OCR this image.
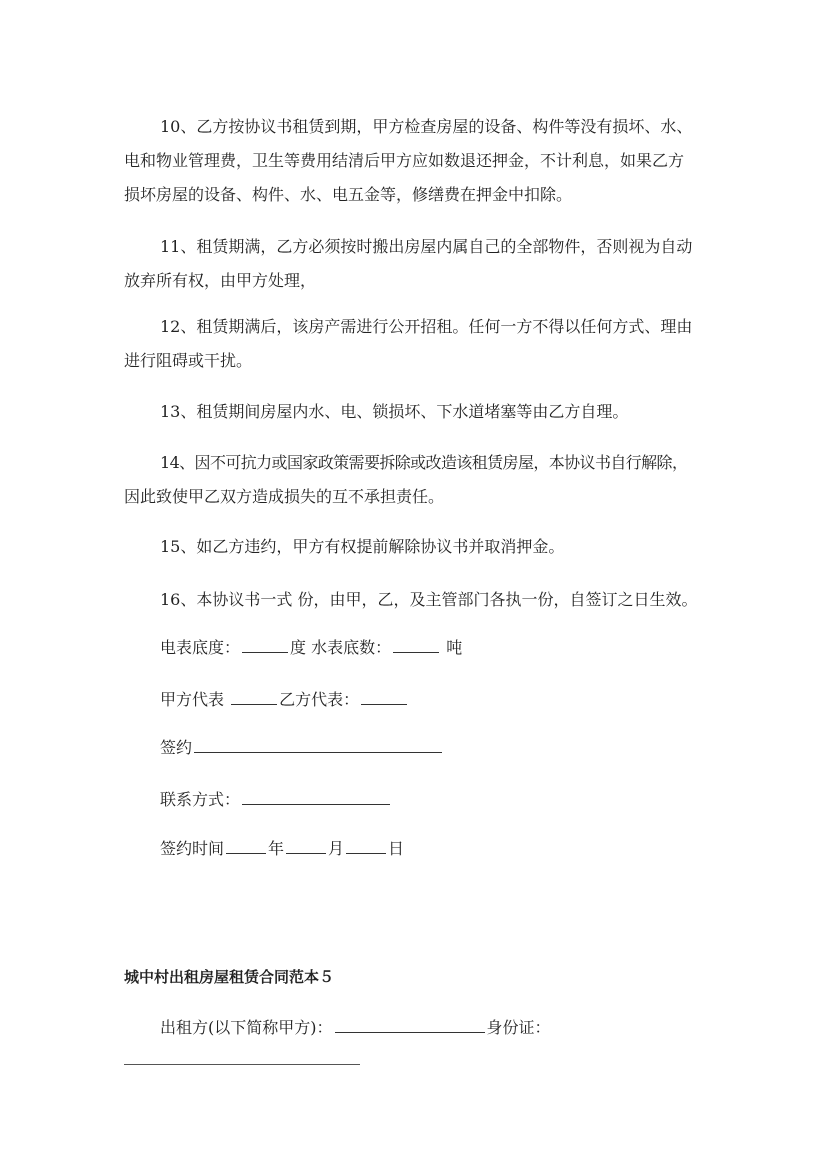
10、乙方按协议书租赁到期，甲方检查房屋的设备、构件等没有损坏、水、
电和物业管理费，卫生等费用结清后甲方应如数退还押金，不计利息，如果乙方
损坏房屋的设备、构件、水、电五金等，修缮费在押金中扣除。
11、租赁期满，乙方必须按时搬出房屋内属自己的全部物件，否则视为自动
放弃所有权，由甲方处理，
12、租赁期满后，该房产需进行公开招租。任何一方不得以任何方式、理由
进行阻碍或干扰。
13、租赁期间房屋内水、电、锁损坏、下水道堵塞等由乙方自理。
14、因不可抗力或国家政策需要拆除或改造该租赁房屋，本协议书自行解除，
因此致使甲乙双方造成损失的互不承担责任。
15、如乙方违约，甲方有权提前解除协议书并取消押金。
16、本协议书一式 份，由甲，乙，及主管部门各执一份，自签订之日生效。
电表底度：	度 水表底数：	吨
甲方代表	乙方代表：
签约
联系方式：
签约时间	年	月	日
城中村出租房屋租赁合同范本５
出租方(以下简称甲方)：	身份证：
